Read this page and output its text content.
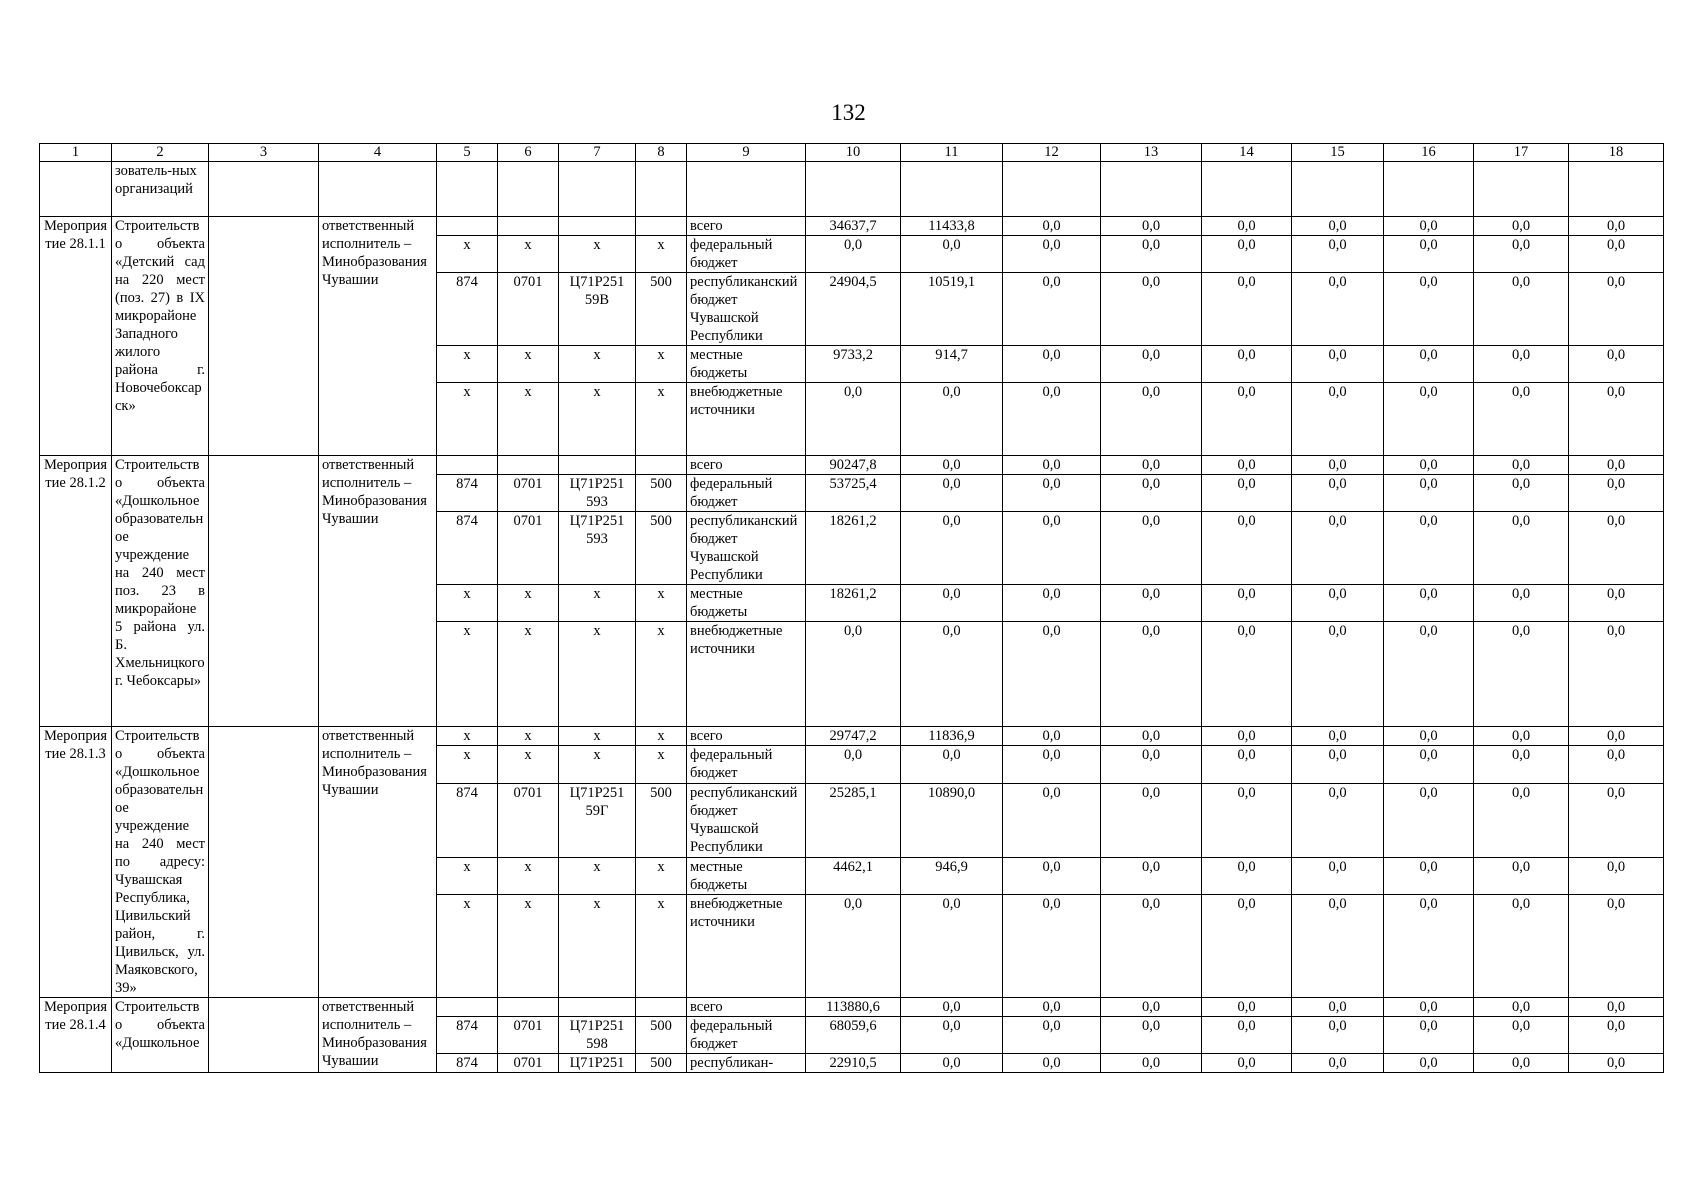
132
1	2	3	4	5	6	7	8	9	10	11	12	13	14	15	16	17	18
	зователь-ных организаций																
Мероприятие 28.1.1	Строительство объекта «Детский сад на 220 мест (поз. 27) в IX микрорайоне Западного жилого района г. Новочебоксарск»		ответственный исполнитель – Минобразования Чувашии					всего	34637,7	11433,8	0,0	0,0	0,0	0,0	0,0	0,0	0,0
				x	x	x	x	федеральный бюджет	0,0	0,0	0,0	0,0	0,0	0,0	0,0	0,0	0,0
				874	0701	Ц71Р251 59В	500	республиканский бюджет Чувашской Республики	24904,5	10519,1	0,0	0,0	0,0	0,0	0,0	0,0	0,0
				x	x	x	x	местные бюджеты	9733,2	914,7	0,0	0,0	0,0	0,0	0,0	0,0	0,0
				x	x	x	x	внебюджетные источники	0,0	0,0	0,0	0,0	0,0	0,0	0,0	0,0	0,0
Мероприятие 28.1.2	Строительство объекта «Дошкольное образовательное учреждение на 240 мест поз. 23 в микрорайоне 5 района ул. Б. Хмельницкого г. Чебоксары»		ответственный исполнитель – Минобразования Чувашии					всего	90247,8	0,0	0,0	0,0	0,0	0,0	0,0	0,0	0,0
				874	0701	Ц71Р251 593	500	федеральный бюджет	53725,4	0,0	0,0	0,0	0,0	0,0	0,0	0,0	0,0
				874	0701	Ц71Р251 593	500	республиканский бюджет Чувашской Республики	18261,2	0,0	0,0	0,0	0,0	0,0	0,0	0,0	0,0
				x	x	x	x	местные бюджеты	18261,2	0,0	0,0	0,0	0,0	0,0	0,0	0,0	0,0
				x	x	x	x	внебюджетные источники	0,0	0,0	0,0	0,0	0,0	0,0	0,0	0,0	0,0
Мероприятие 28.1.3	Строительство объекта «Дошкольное образовательное учреждение на 240 мест по адресу: Чувашская Республика, Цивильский район, г. Цивильск, ул. Маяковского, 39»		ответственный исполнитель – Минобразования Чувашии	x	x	x	x	всего	29747,2	11836,9	0,0	0,0	0,0	0,0	0,0	0,0	0,0
				x	x	x	x	федеральный бюджет	0,0	0,0	0,0	0,0	0,0	0,0	0,0	0,0	0,0
				874	0701	Ц71Р251 59Г	500	республиканский бюджет Чувашской Республики	25285,1	10890,0	0,0	0,0	0,0	0,0	0,0	0,0	0,0
				x	x	x	x	местные бюджеты	4462,1	946,9	0,0	0,0	0,0	0,0	0,0	0,0	0,0
				x	x	x	x	внебюджетные источники	0,0	0,0	0,0	0,0	0,0	0,0	0,0	0,0	0,0
Мероприятие 28.1.4	Строительство объекта «Дошкольное		ответственный исполнитель – Минобразования Чувашии					всего	113880,6	0,0	0,0	0,0	0,0	0,0	0,0	0,0	0,0
				874	0701	Ц71Р251 598	500	федеральный бюджет	68059,6	0,0	0,0	0,0	0,0	0,0	0,0	0,0	0,0
				874	0701	Ц71Р251	500	республикан-	22910,5	0,0	0,0	0,0	0,0	0,0	0,0	0,0	0,0
